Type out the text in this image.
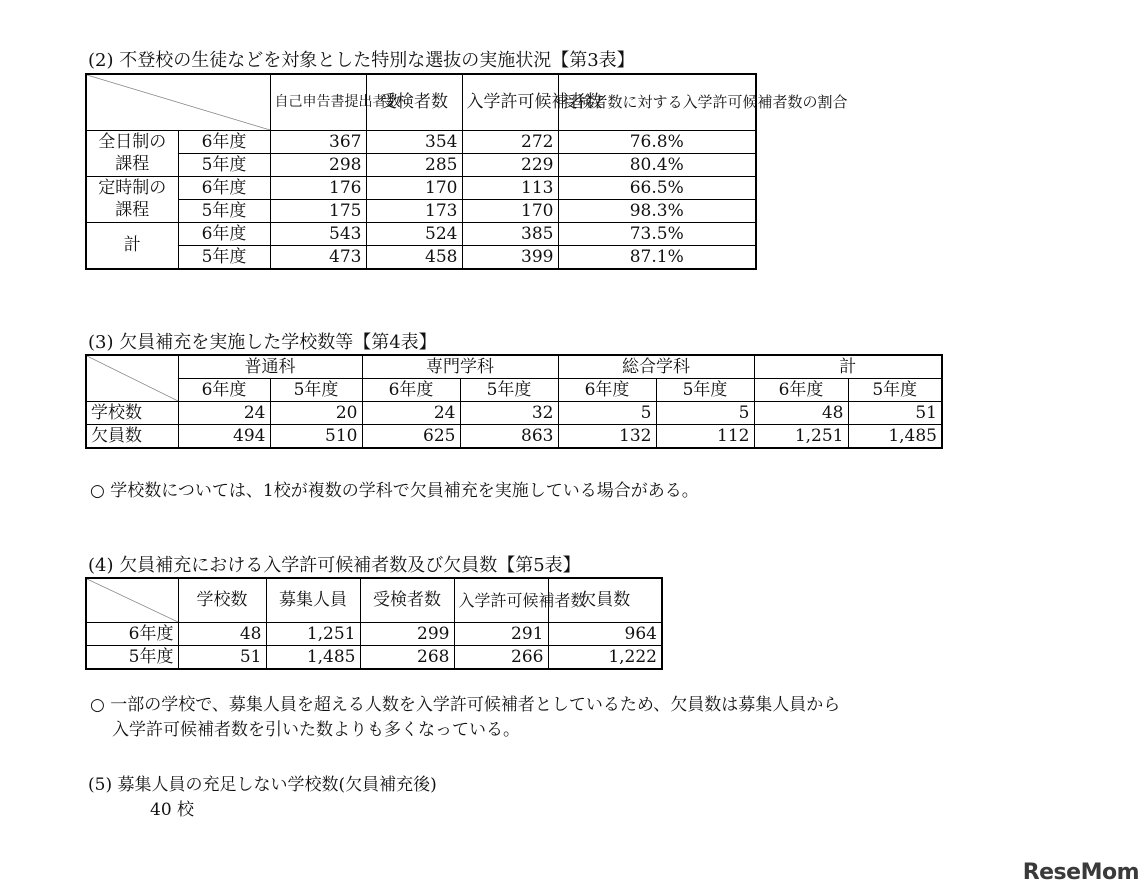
(2) 不登校の生徒などを対象とした特別な選抜の実施状況【第3表】
		自己申告書提出者数	受検者数	入学許可候補者数	受検者数に対する入学許可候補者数の割合
全日制の課程	6年度	367	354	272	76.8%
	5年度	298	285	229	80.4%
定時制の課程	6年度	176	170	113	66.5%
	5年度	175	173	170	98.3%
計	6年度	543	524	385	73.5%
	5年度	473	458	399	87.1%
(3) 欠員補充を実施した学校数等【第4表】
	普通科		専門学科		総合学科		計	
	6年度	5年度	6年度	5年度	6年度	5年度	6年度	5年度
学校数	24	20	24	32	5	5	48	51
欠員数	494	510	625	863	132	112	1,251	1,485
○ 学校数については、1校が複数の学科で欠員補充を実施している場合がある。
(4) 欠員補充における入学許可候補者数及び欠員数【第5表】
	学校数	募集人員	受検者数	入学許可候補者数	欠員数
6年度	48	1,251	299	291	964
5年度	51	1,485	268	266	1,222
○ 一部の学校で、募集人員を超える人数を入学許可候補者としているため、欠員数は募集人員から
入学許可候補者数を引いた数よりも多くなっている。
(5) 募集人員の充足しない学校数(欠員補充後)
40 校
ReseMom
